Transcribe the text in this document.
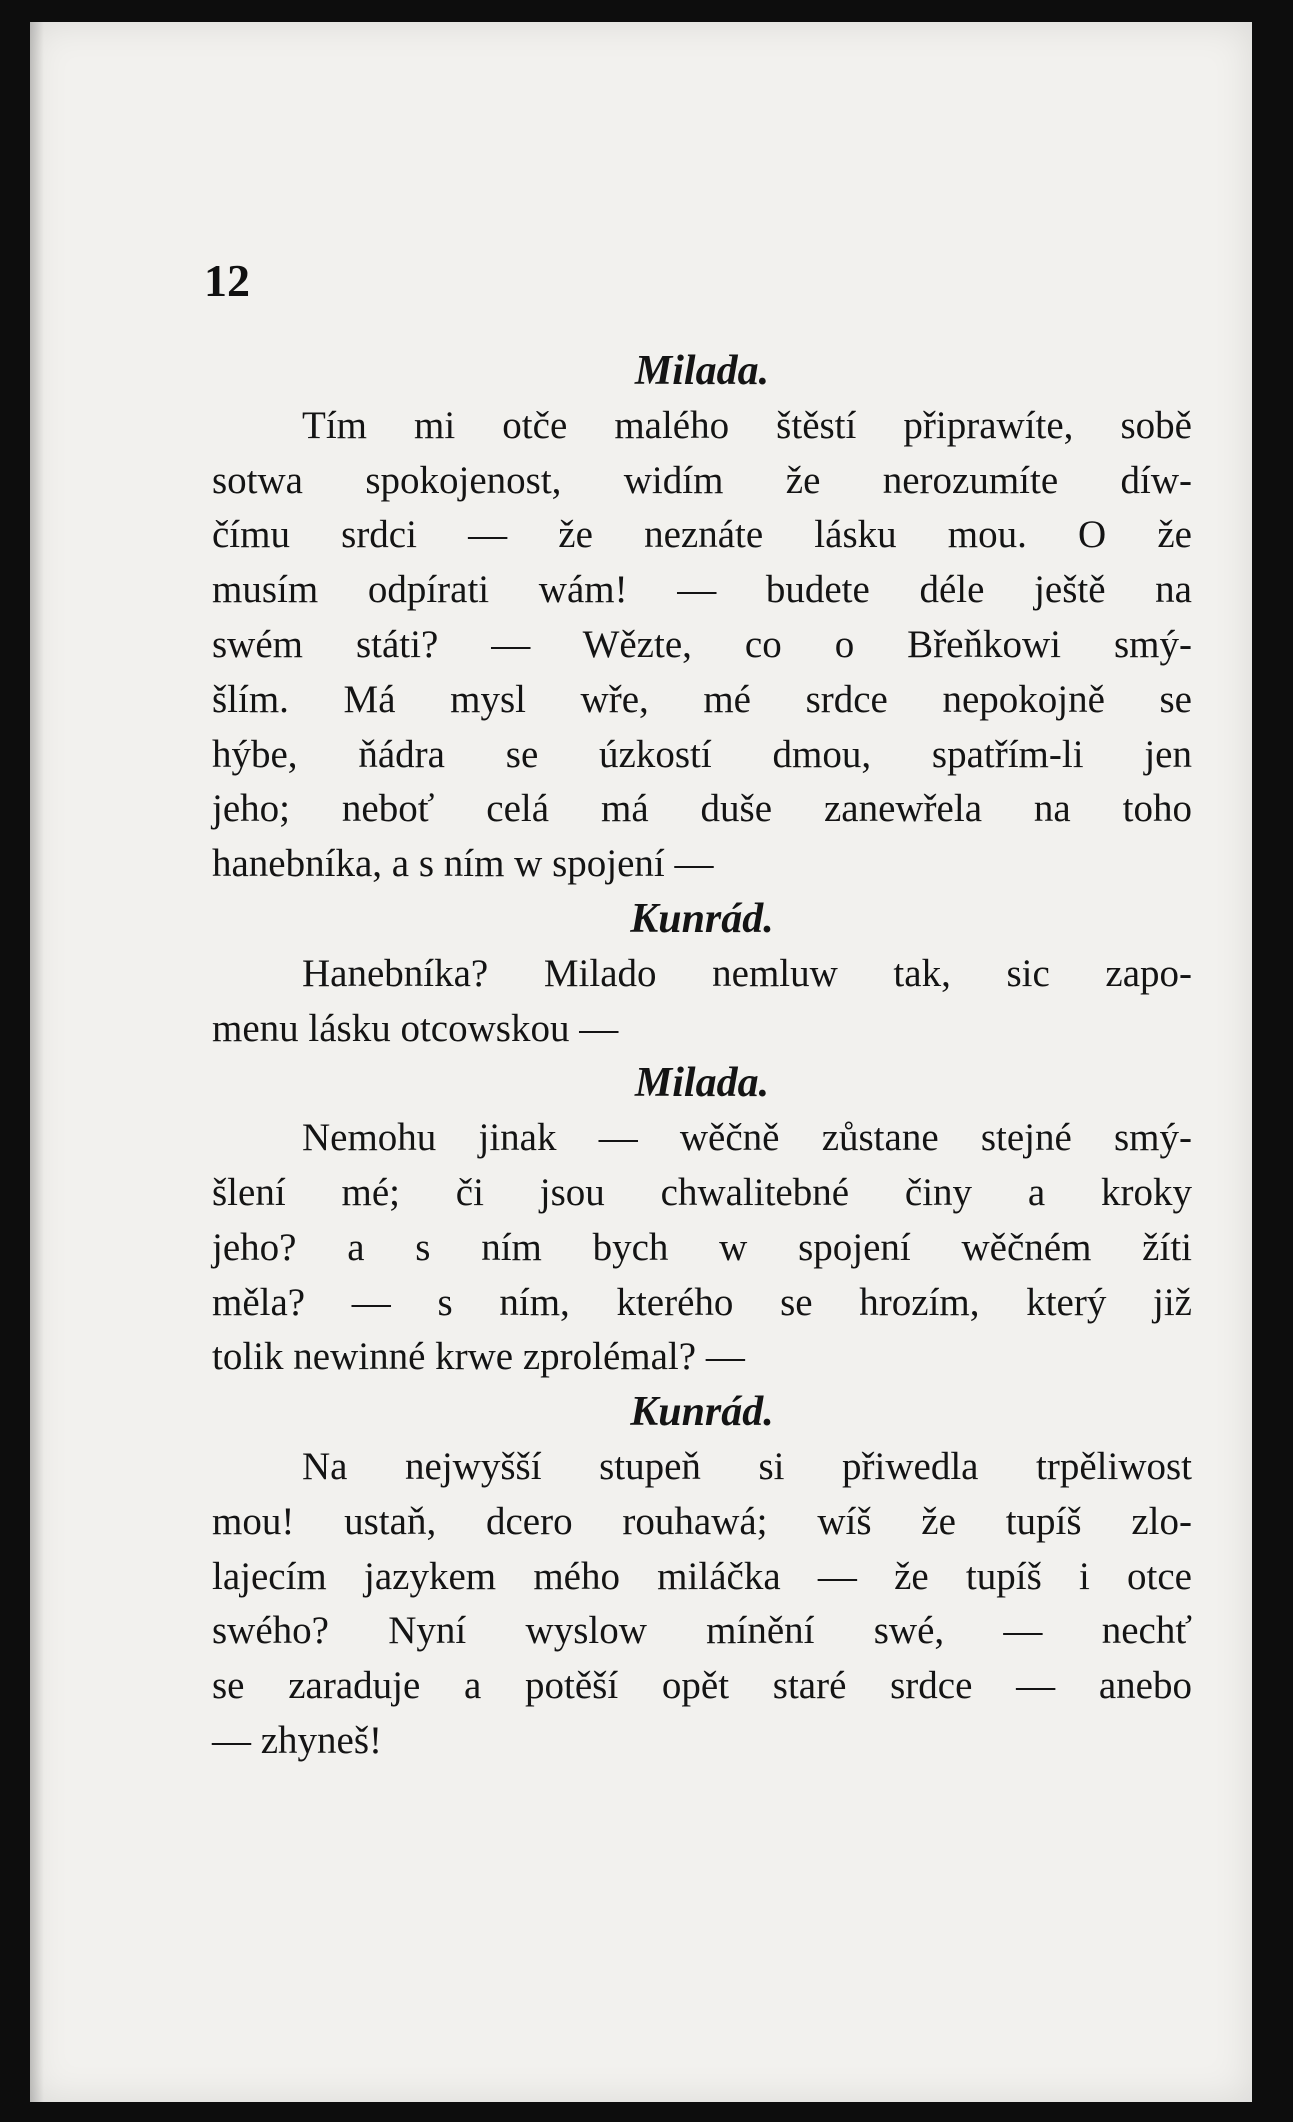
12
Milada.
Tím mi otče malého štěstí připrawíte, sobě
sotwa spokojenost, widím že nerozumíte díw-
čímu srdci — že neznáte lásku mou. O že
musím odpírati wám! — budete déle ještě na
swém státi? — Wězte, co o Břeňkowi smý-
šlím. Má mysl wře, mé srdce nepokojně se
hýbe, ňádra se úzkostí dmou, spatřím-li jen
jeho; neboť celá má duše zanewřela na toho
hanebníka, a s ním w spojení —
Kunrád.
Hanebníka? Milado nemluw tak, sic zapo-
menu lásku otcowskou —
Milada.
Nemohu jinak — wěčně zůstane stejné smý-
šlení mé; či jsou chwalitebné činy a kroky
jeho? a s ním bych w spojení wěčném žíti
měla? — s ním, kterého se hrozím, který již
tolik newinné krwe zprolémal? —
Kunrád.
Na nejwyšší stupeň si přiwedla trpěliwost
mou! ustaň, dcero rouhawá; wíš že tupíš zlo-
lajecím jazykem mého miláčka — že tupíš i otce
swého? Nyní wyslow mínění swé, — nechť
se zaraduje a potěší opět staré srdce — anebo
— zhyneš!
